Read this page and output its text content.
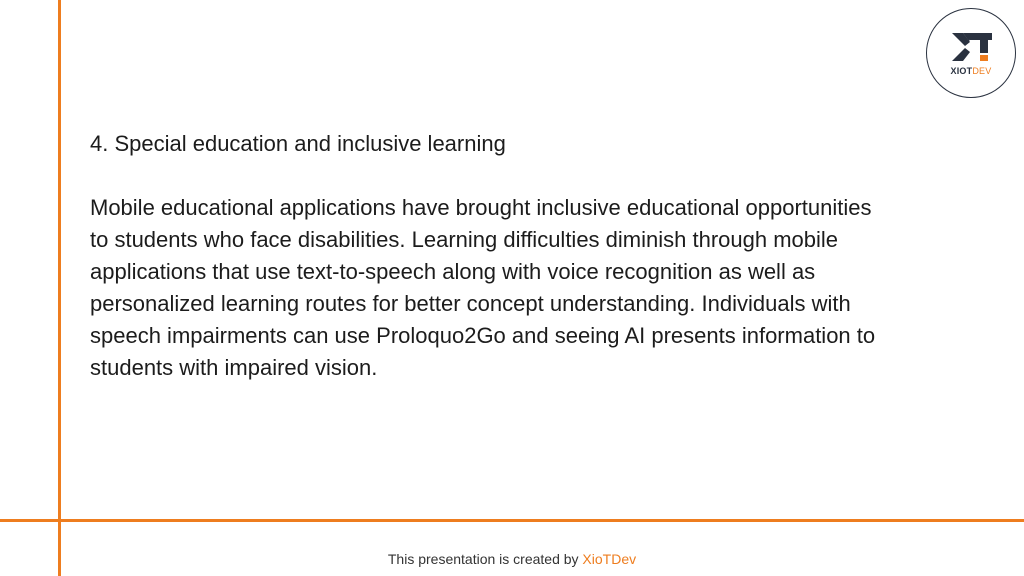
XIOTDEV

4. Special education and inclusive learning

Mobile educational applications have brought inclusive educational opportunities to students who face disabilities. Learning difficulties diminish through mobile applications that use text-to-speech along with voice recognition as well as personalized learning routes for better concept understanding. Individuals with speech impairments can use Proloquo2Go and seeing AI presents information to students with impaired vision.

This presentation is created by XioTDev
